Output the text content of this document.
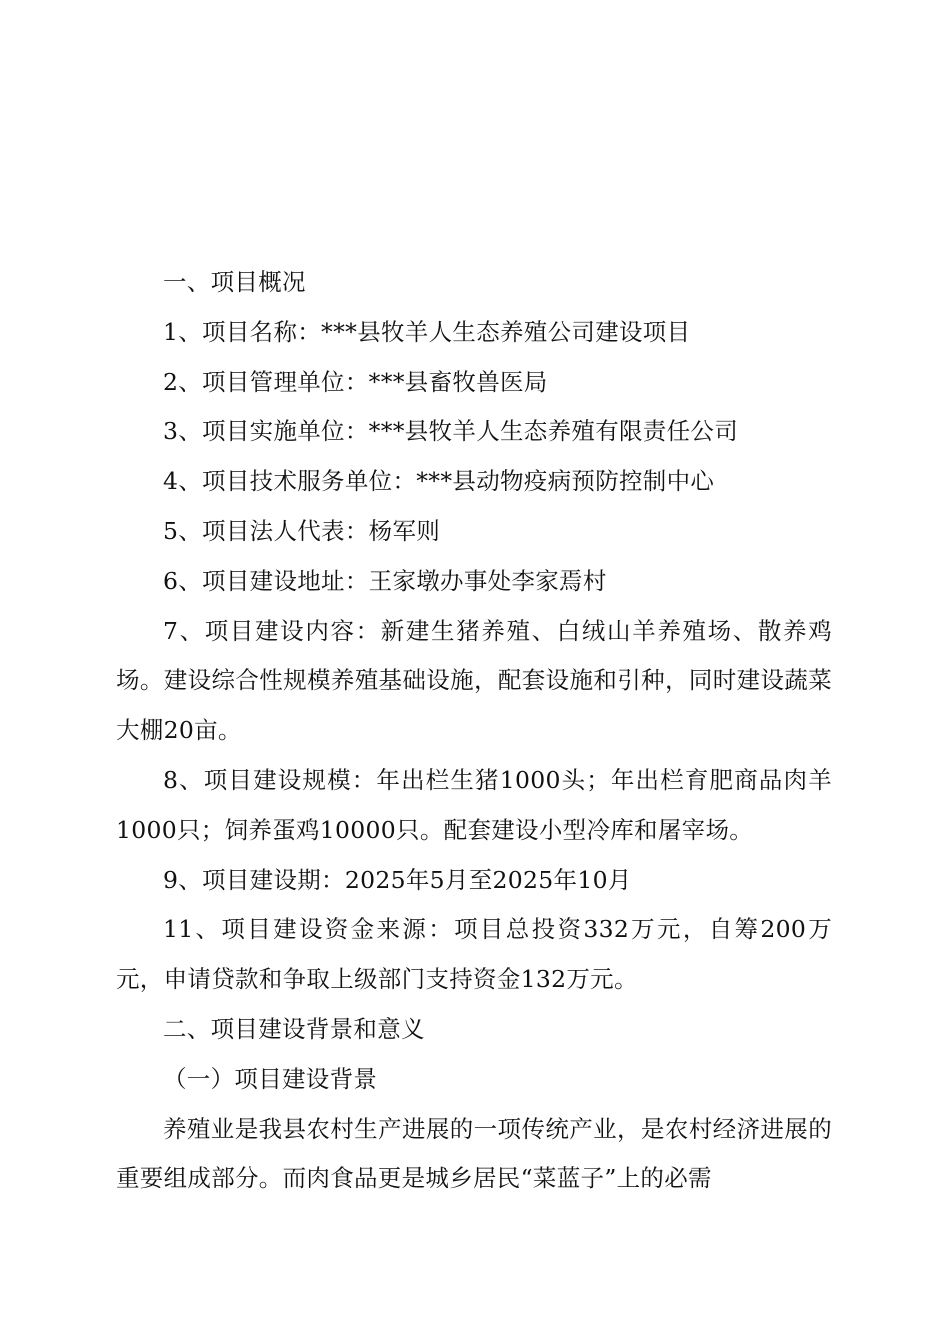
一、项目概况

1、项目名称：***县牧羊人生态养殖公司建设项目

2、项目管理单位：***县畜牧兽医局

3、项目实施单位：***县牧羊人生态养殖有限责任公司

4、项目技术服务单位：***县动物疫病预防控制中心

5、项目法人代表：杨军则

6、项目建设地址：王家墩办事处李家焉村

7、项目建设内容：新建生猪养殖、白绒山羊养殖场、散养鸡场。建设综合性规模养殖基础设施，配套设施和引种，同时建设蔬菜大棚20亩。

8、项目建设规模：年出栏生猪1000头；年出栏育肥商品肉羊1000只；饲养蛋鸡10000只。配套建设小型冷库和屠宰场。

9、项目建设期：2025年5月至2025年10月

11、项目建设资金来源：项目总投资332万元，自筹200万元，申请贷款和争取上级部门支持资金132万元。

二、项目建设背景和意义

（一）项目建设背景

养殖业是我县农村生产进展的一项传统产业，是农村经济进展的重要组成部分。而肉食品更是城乡居民“菜蓝子”上的必需
